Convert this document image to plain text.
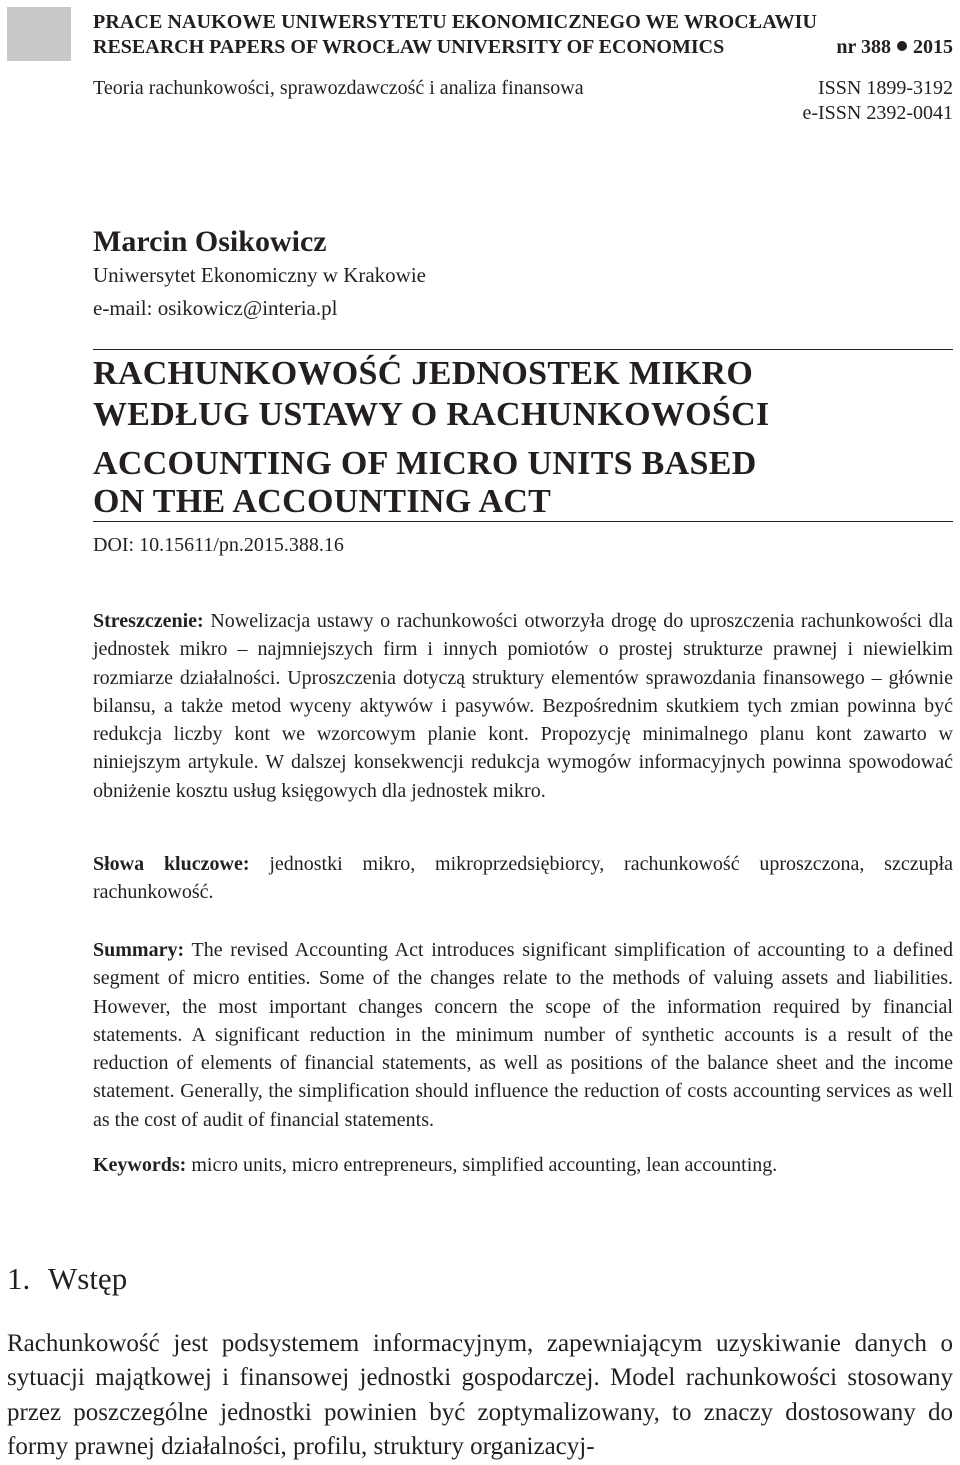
PRACE NAUKOWE UNIWERSYTETU EKONOMICZNEGO WE WROCŁAWIU
RESEARCH PAPERS OF WROCŁAW UNIVERSITY OF ECONOMICS	nr 388 2015
Teoria rachunkowości, sprawozdawczość i analiza finansowa	ISSN 1899-3192
e-ISSN 2392-0041
Marcin Osikowicz
Uniwersytet Ekonomiczny w Krakowie
e-mail: osikowicz@interia.pl
RACHUNKOWOŚĆ JEDNOSTEK MIKRO
WEDŁUG USTAWY O RACHUNKOWOŚCI
ACCOUNTING OF MICRO UNITS BASED
ON THE ACCOUNTING ACT
DOI: 10.15611/pn.2015.388.16
Streszczenie: Nowelizacja ustawy o rachunkowości otworzyła drogę do uproszczenia rachunkowości dla jednostek mikro – najmniejszych firm i innych pomiotów o prostej strukturze prawnej i niewielkim rozmiarze działalności. Uproszczenia dotyczą struktury elementów sprawozdania finansowego – głównie bilansu, a także metod wyceny aktywów i pasywów. Bezpośrednim skutkiem tych zmian powinna być redukcja liczby kont we wzorcowym planie kont. Propozycję minimalnego planu kont zawarto w niniejszym artykule. W dalszej konsekwencji redukcja wymogów informacyjnych powinna spowodować obniżenie kosztu usług księgowych dla jednostek mikro.
Słowa kluczowe: jednostki mikro, mikroprzedsiębiorcy, rachunkowość uproszczona, szczupła rachunkowość.
Summary: The revised Accounting Act introduces significant simplification of accounting to a defined segment of micro entities. Some of the changes relate to the methods of valuing assets and liabilities. However, the most important changes concern the scope of the information required by financial statements. A significant reduction in the minimum number of synthetic accounts is a result of the reduction of elements of financial statements, as well as positions of the balance sheet and the income statement. Generally, the simplification should influence the reduction of costs accounting services as well as the cost of audit of financial statements.
Keywords: micro units, micro entrepreneurs, simplified accounting, lean accounting.
1. Wstęp
Rachunkowość jest podsystemem informacyjnym, zapewniającym uzyskiwanie danych o sytuacji majątkowej i finansowej jednostki gospodarczej. Model rachunkowości stosowany przez poszczególne jednostki powinien być zoptymalizowany, to znaczy dostosowany do formy prawnej działalności, profilu, struktury organizacyj-
